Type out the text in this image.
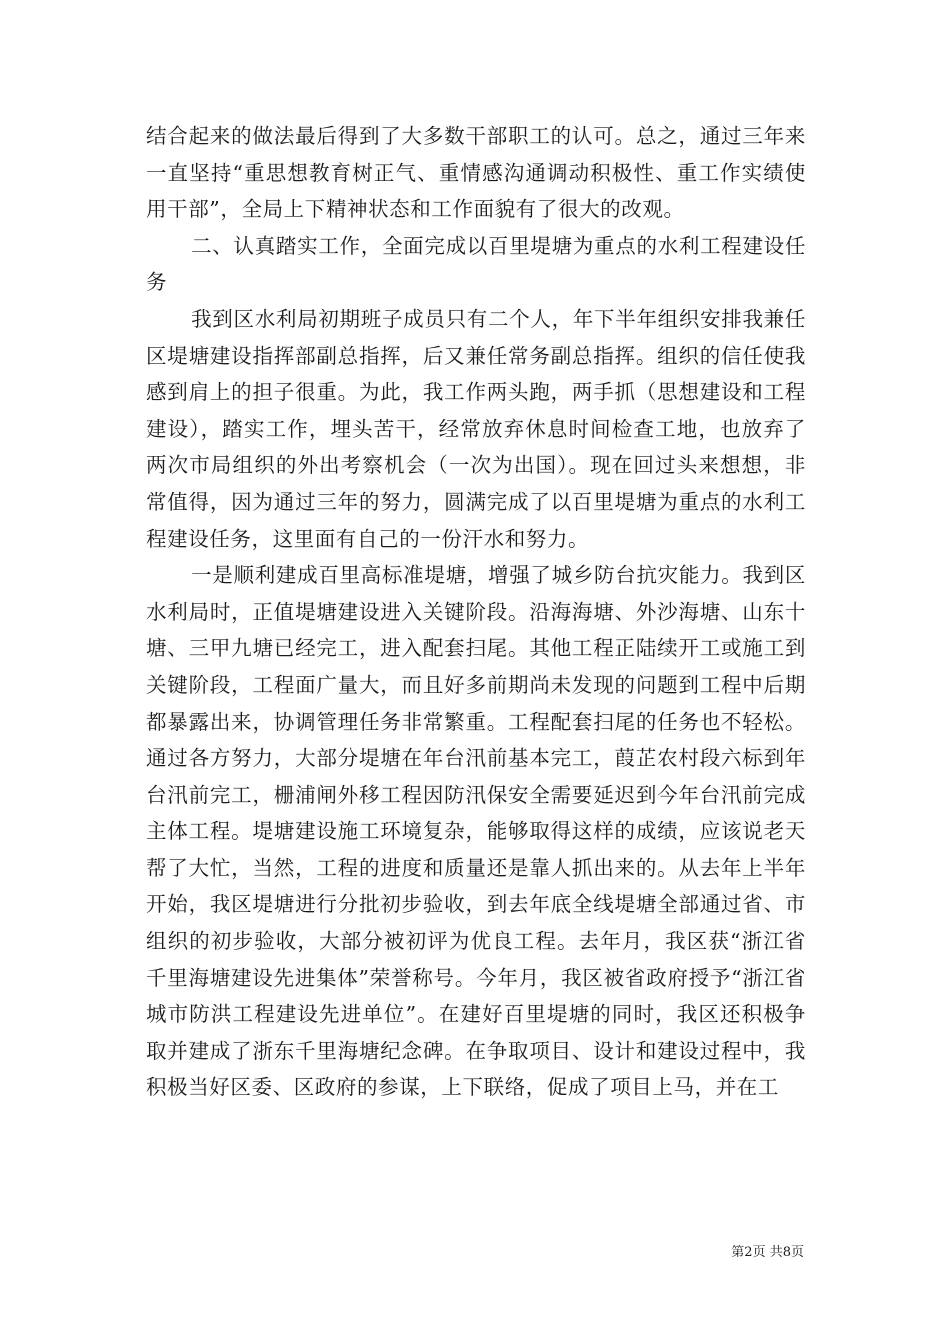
结合起来的做法最后得到了大多数干部职工的认可。总之，通过三年来一直坚持“重思想教育树正气、重情感沟通调动积极性、重工作实绩使用干部”，全局上下精神状态和工作面貌有了很大的改观。

二、认真踏实工作，全面完成以百里堤塘为重点的水利工程建设任务

我到区水利局初期班子成员只有二个人，年下半年组织安排我兼任区堤塘建设指挥部副总指挥，后又兼任常务副总指挥。组织的信任使我感到肩上的担子很重。为此，我工作两头跑，两手抓（思想建设和工程建设），踏实工作，埋头苦干，经常放弃休息时间检查工地，也放弃了两次市局组织的外出考察机会（一次为出国）。现在回过头来想想，非常值得，因为通过三年的努力，圆满完成了以百里堤塘为重点的水利工程建设任务，这里面有自己的一份汗水和努力。

一是顺利建成百里高标准堤塘，增强了城乡防台抗灾能力。我到区水利局时，正值堤塘建设进入关键阶段。沿海海塘、外沙海塘、山东十塘、三甲九塘已经完工，进入配套扫尾。其他工程正陆续开工或施工到关键阶段，工程面广量大，而且好多前期尚未发现的问题到工程中后期都暴露出来，协调管理任务非常繁重。工程配套扫尾的任务也不轻松。通过各方努力，大部分堤塘在年台汛前基本完工，葭芷农村段六标到年台汛前完工，栅浦闸外移工程因防汛保安全需要延迟到今年台汛前完成主体工程。堤塘建设施工环境复杂，能够取得这样的成绩，应该说老天帮了大忙，当然，工程的进度和质量还是靠人抓出来的。从去年上半年开始，我区堤塘进行分批初步验收，到去年底全线堤塘全部通过省、市组织的初步验收，大部分被初评为优良工程。去年月，我区获“浙江省千里海塘建设先进集体”荣誉称号。今年月，我区被省政府授予“浙江省城市防洪工程建设先进单位”。在建好百里堤塘的同时，我区还积极争取并建成了浙东千里海塘纪念碑。在争取项目、设计和建设过程中，我积极当好区委、区政府的参谋，上下联络，促成了项目上马，并在工

第2页 共8页
